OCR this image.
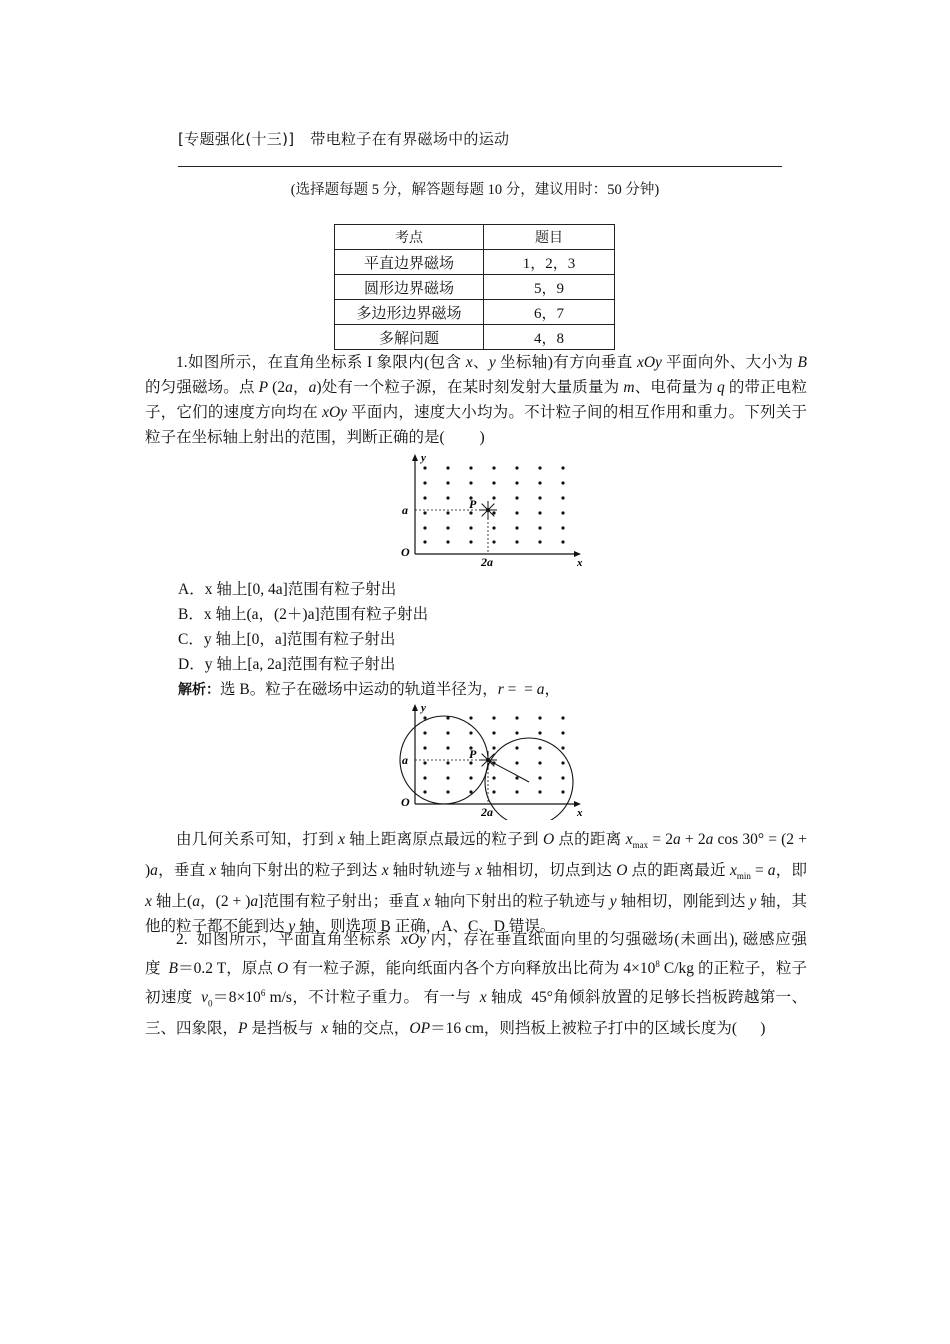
[专题强化(十三)] 带电粒子在有界磁场中的运动
(选择题每题 5 分，解答题每题 10 分，建议用时：50 分钟)
考点	题目
平直边界磁场	1，2，3
圆形边界磁场	5，9
多边形边界磁场	6，7
多解问题	4，8

1.如图所示，在直角坐标系 I 象限内(包含 x、y 坐标轴)有方向垂直 xOy 平面向外、大小为 B 的匀强磁场。点 P (2a，a)处有一个粒子源，在某时刻发射大量质量为 m、电荷量为 q 的带正电粒子，它们的速度方向均在 xOy 平面内，速度大小均为。不计粒子间的相互作用和重力。下列关于粒子在坐标轴上射出的范围，判断正确的是(         )

y
x
O
a	P
2a
A．x 轴上[0, 4a]范围有粒子射出
B．x 轴上(a，(2＋)a]范围有粒子射出
C．y 轴上[0，a]范围有粒子射出
D．y 轴上[a, 2a]范围有粒子射出
解析：选 B。粒子在磁场中运动的轨道半径为，r =  = a，
y
x
O
a	P
2a

由几何关系可知，打到 x 轴上距离原点最远的粒子到 O 点的距离 $x_{max} = 2a + 2a$ cos 30° = (2 + )a，垂直 x 轴向下射出的粒子到达 x 轴时轨迹与 x 轴相切，切点到达 O 点的距离最近 $x_{min} = a$，即 x 轴上(a，(2 + )a]范围有粒子射出；垂直 x 轴向下射出的粒子轨迹与 y 轴相切，刚能到达 y 轴，其他的粒子都不能到达 y 轴，则选项 B 正确，A、C、D 错误。

2.  如图所示，平面直角坐标系  xOy 内，存在垂直纸面向里的匀强磁场(未画出), 磁感应强度  B＝0.2 T，原点 O 有一粒子源，能向纸面内各个方向释放出比荷为 $4\times 10^8$ C/kg 的正粒子，粒子初速度  $v_0=8\times 10^6$ m/s，不计粒子重力。 有一与  x 轴成  45°角倾斜放置的足够长挡板跨越第一、三、四象限，P 是挡板与  x 轴的交点，OP＝16 cm，则挡板上被粒子打中的区域长度为(      )
